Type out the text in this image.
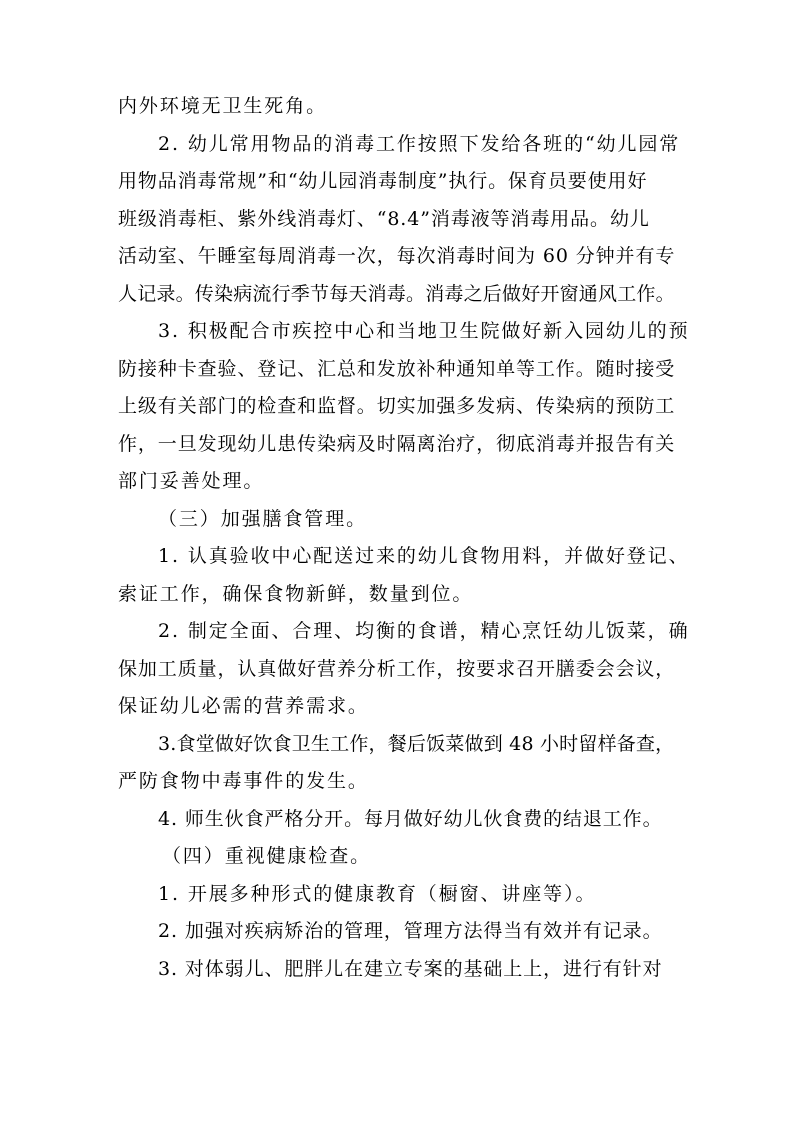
内外环境无卫生死角。
2. 幼儿常用物品的消毒工作按照下发给各班的“幼儿园常
用物品消毒常规”和“幼儿园消毒制度”执行。保育员要使用好
班级消毒柜、紫外线消毒灯、“8.4”消毒液等消毒用品。幼儿
活动室、午睡室每周消毒一次，每次消毒时间为 60 分钟并有专
人记录。传染病流行季节每天消毒。消毒之后做好开窗通风工作。
3. 积极配合市疾控中心和当地卫生院做好新入园幼儿的预
防接种卡查验、登记、汇总和发放补种通知单等工作。随时接受
上级有关部门的检查和监督。切实加强多发病、传染病的预防工
作，一旦发现幼儿患传染病及时隔离治疗，彻底消毒并报告有关
部门妥善处理。
（三）加强膳食管理。
1. 认真验收中心配送过来的幼儿食物用料，并做好登记、
索证工作，确保食物新鲜，数量到位。
2. 制定全面、合理、均衡的食谱，精心烹饪幼儿饭菜，确
保加工质量，认真做好营养分析工作，按要求召开膳委会会议，
保证幼儿必需的营养需求。
3.食堂做好饮食卫生工作，餐后饭菜做到 48 小时留样备查，
严防食物中毒事件的发生。
4. 师生伙食严格分开。每月做好幼儿伙食费的结退工作。
（四）重视健康检查。
1. 开展多种形式的健康教育（橱窗、讲座等）。
2. 加强对疾病矫治的管理，管理方法得当有效并有记录。
3. 对体弱儿、肥胖儿在建立专案的基础上上，进行有针对
